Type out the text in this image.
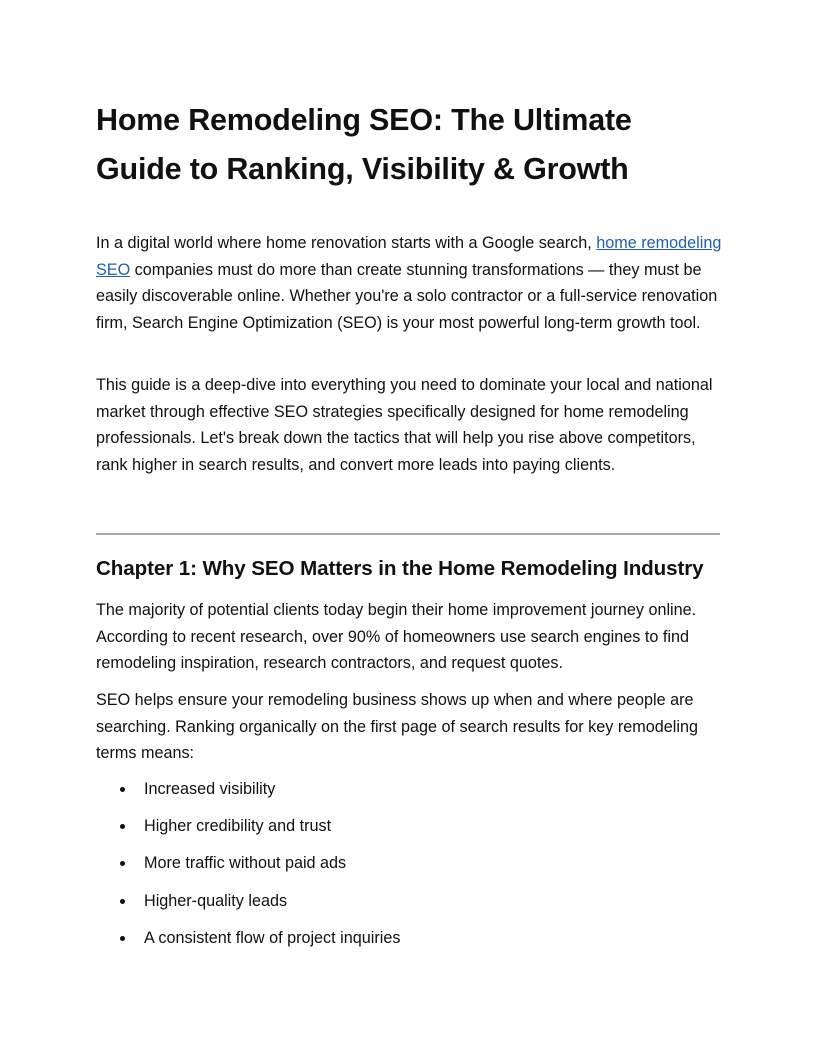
Home Remodeling SEO: The Ultimate Guide to Ranking, Visibility & Growth

In a digital world where home renovation starts with a Google search, home remodeling SEO companies must do more than create stunning transformations — they must be easily discoverable online. Whether you're a solo contractor or a full-service renovation firm, Search Engine Optimization (SEO) is your most powerful long-term growth tool.

This guide is a deep-dive into everything you need to dominate your local and national market through effective SEO strategies specifically designed for home remodeling professionals. Let's break down the tactics that will help you rise above competitors, rank higher in search results, and convert more leads into paying clients.

Chapter 1: Why SEO Matters in the Home Remodeling Industry

The majority of potential clients today begin their home improvement journey online. According to recent research, over 90% of homeowners use search engines to find remodeling inspiration, research contractors, and request quotes.

SEO helps ensure your remodeling business shows up when and where people are searching. Ranking organically on the first page of search results for key remodeling terms means:

Increased visibility
Higher credibility and trust
More traffic without paid ads
Higher-quality leads
A consistent flow of project inquiries
